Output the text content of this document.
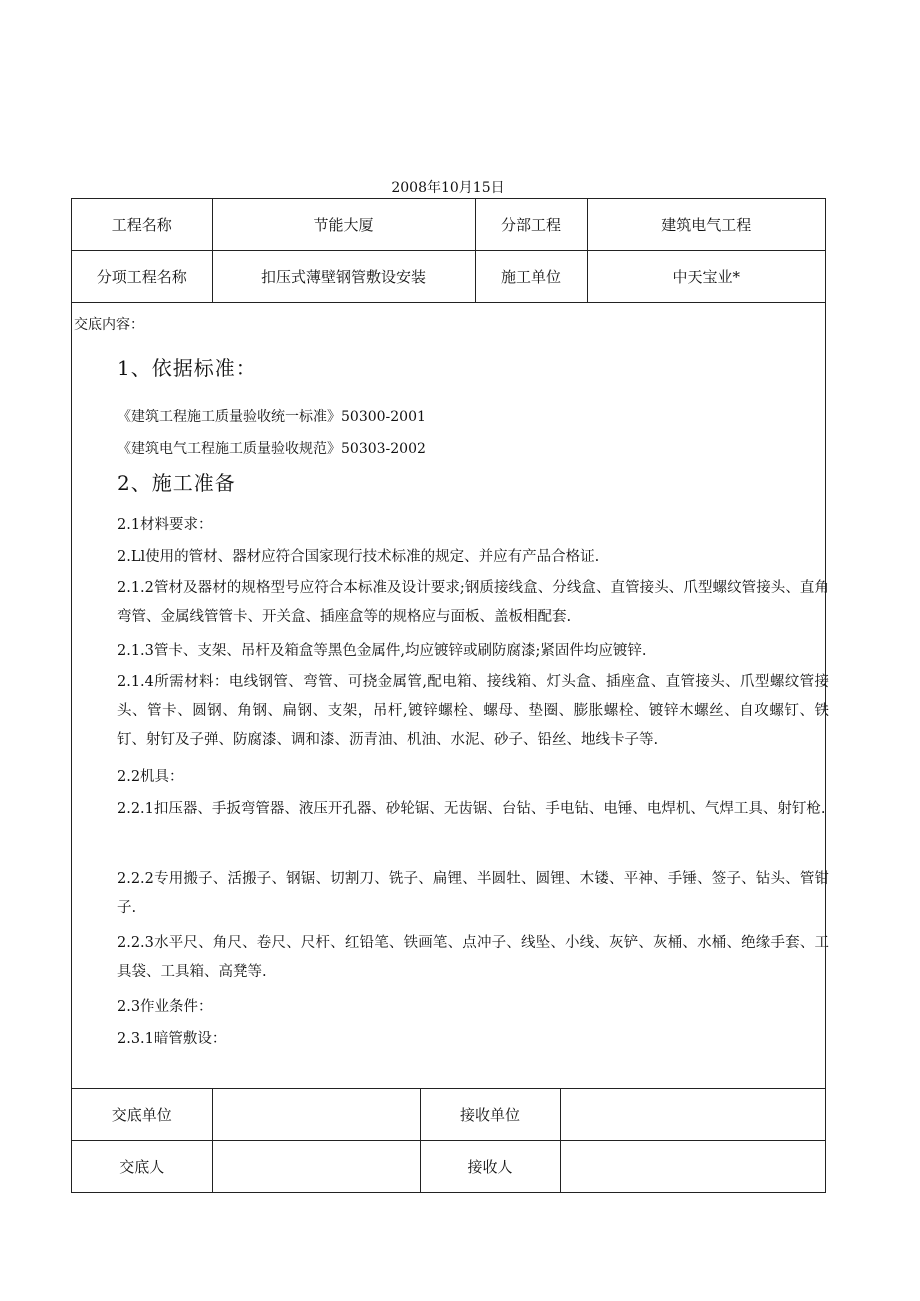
2008年10月15日
工程名称	节能大厦	分部工程	建筑电气工程
分项工程名称	扣压式薄壁钢管敷设安装	施工单位	中天宝业*
交底内容：
1、依据标准：
《建筑工程施工质量验收统一标准》50300-2001
《建筑电气工程施工质量验收规范》50303-2002
2、施工准备
2.1材料要求：
2.Ll使用的管材、器材应符合国家现行技术标准的规定、并应有产品合格证.
2.1.2管材及器材的规格型号应符合本标准及设计要求;钢质接线盒、分线盒、直管接头、爪型螺纹管接头、直角弯管、金属线管管卡、开关盒、插座盒等的规格应与面板、盖板相配套.
2.1.3管卡、支架、吊杆及箱盒等黑色金属件,均应镀锌或刷防腐漆;紧固件均应镀锌.
2.1.4所需材料：电线钢管、弯管、可挠金属管,配电箱、接线箱、灯头盒、插座盒、直管接头、爪型螺纹管接头、管卡、圆钢、角钢、扁钢、支架，吊杆,镀锌螺栓、螺母、垫圈、膨胀螺栓、镀锌木螺丝、自攻螺钉、铁钉、射钉及子弹、防腐漆、调和漆、沥青油、机油、水泥、砂子、铅丝、地线卡子等.
2.2机具：
2.2.1扣压器、手扳弯管器、液压开孔器、砂轮锯、无齿锯、台钻、手电钻、电锤、电焊机、气焊工具、射钉枪.
2.2.2专用搬子、活搬子、钢锯、切割刀、铣子、扁锂、半圆牡、圆锂、木镂、平神、手锤、签子、钻头、管钳子.
2.2.3水平尺、角尺、卷尺、尺杆、红铅笔、铁画笔、点冲子、线坠、小线、灰铲、灰桶、水桶、绝缘手套、工具袋、工具箱、高凳等.
2.3作业条件：
2.3.1暗管敷设：
交底单位		接收单位	
交底人		接收人	
